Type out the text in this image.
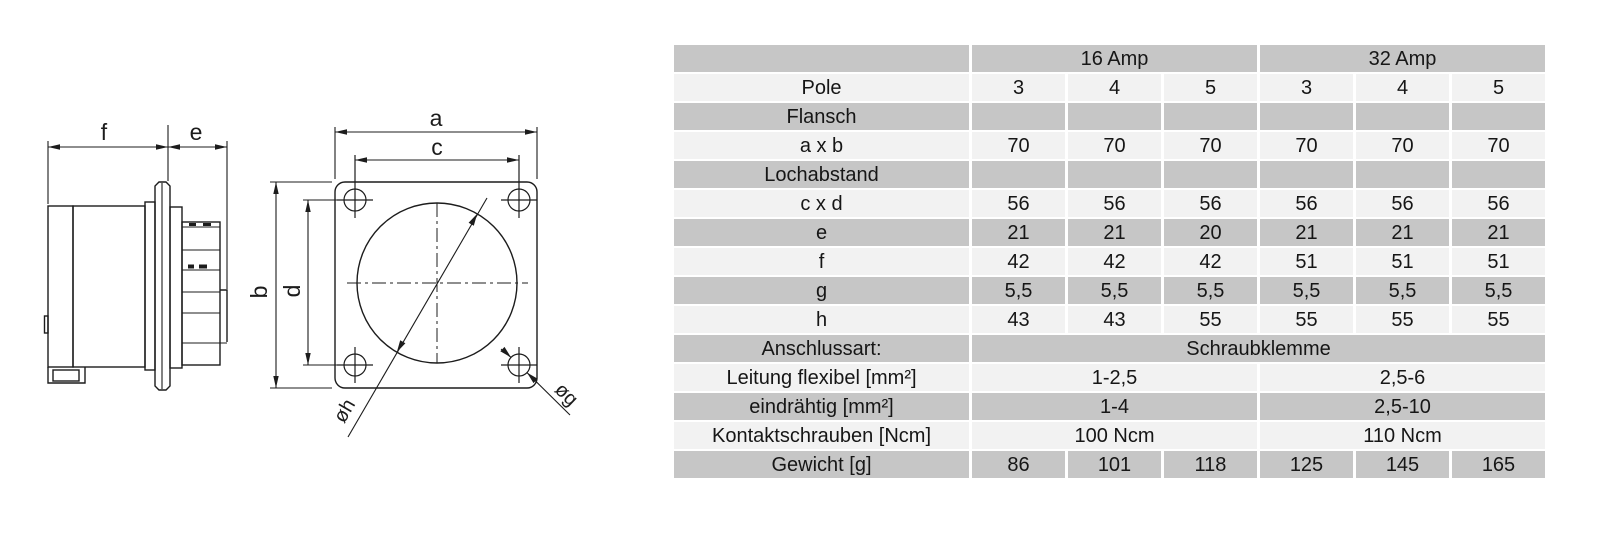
f	e
a
c
b d
øh
øg
	16 Amp			32 Amp		
Pole	3	4	5	3	4	5
Flansch						
a x b	70	70	70	70	70	70
Lochabstand						
c x d	56	56	56	56	56	56
e	21	21	20	21	21	21
f	42	42	42	51	51	51
g	5,5	5,5	5,5	5,5	5,5	5,5
h	43	43	55	55	55	55
Anschlussart:	Schraubklemme					
Leitung flexibel [mm²]	1-2,5			2,5-6		
eindrähtig [mm²]	1-4			2,5-10		
Kontaktschrauben [Ncm]	100 Ncm			110 Ncm		
Gewicht [g]	86	101	118	125	145	165
